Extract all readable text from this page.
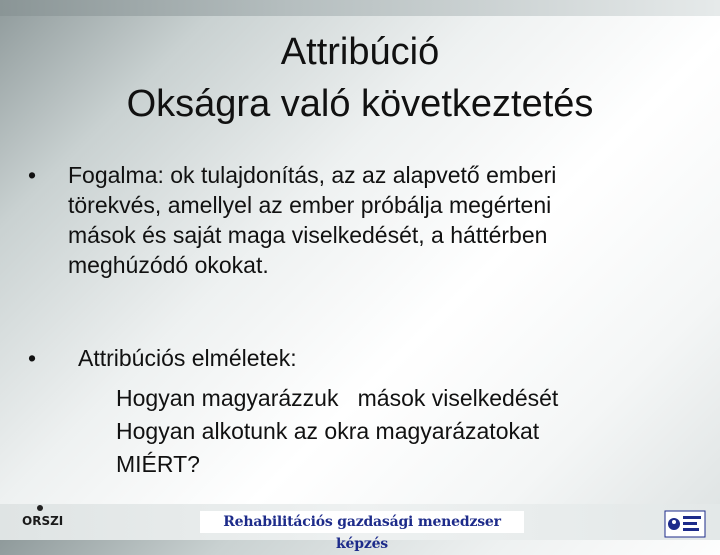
Attribúció
Okságra való következtetés
• Fogalma: ok tulajdonítás, az az alapvető emberi
törekvés, amellyel az ember próbálja megérteni
mások és saját maga viselkedését, a háttérben
meghúzódó okokat.
• Attribúciós elméletek:
Hogyan magyarázzuk   mások viselkedését
Hogyan alkotunk az okra magyarázatokat
MIÉRT?
ORSZI	Rehabilitációs gazdasági menedzser képzés
